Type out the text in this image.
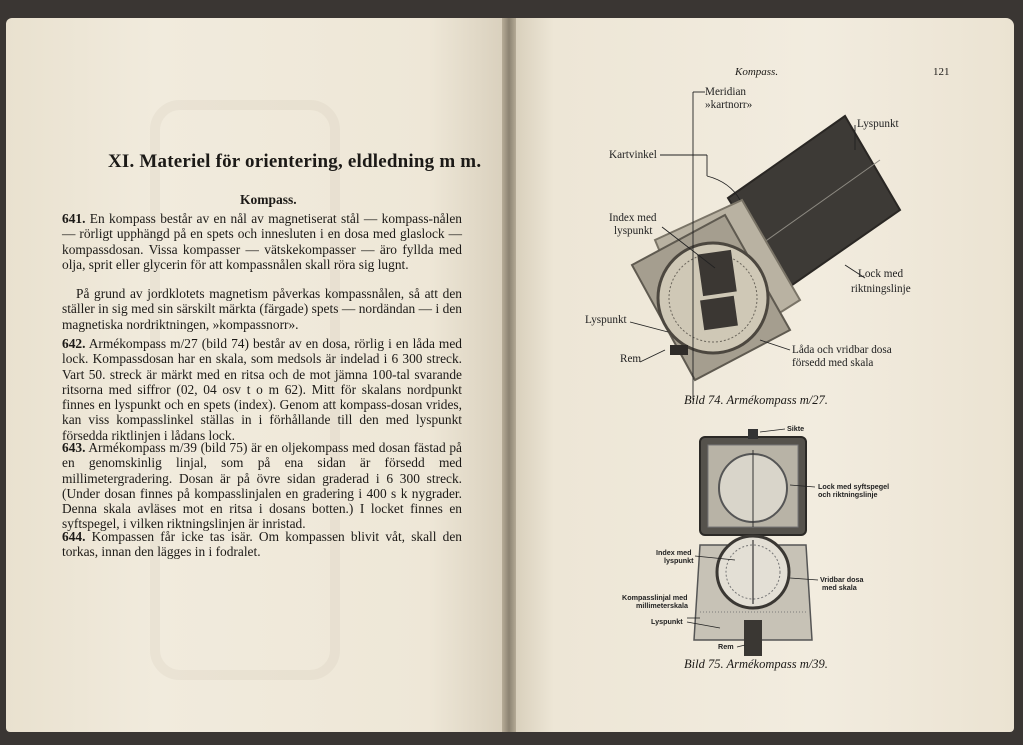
XI. Materiel för orientering, eldledning m m.
Kompass.
641. En kompass består av en nål av magnetiserat stål — kompass-nålen — rörligt upphängd på en spets och innesluten i en dosa med glaslock — kompassdosan. Vissa kompasser — vätskekompasser — äro fyllda med olja, sprit eller glycerin för att kompassnålen skall röra sig lugnt.
På grund av jordklotets magnetism påverkas kompassnålen, så att den ställer in sig med sin särskilt märkta (färgade) spets — nordändan — i den magnetiska nordriktningen, »kompassnorr».
642. Armékompass m/27 (bild 74) består av en dosa, rörlig i en låda med lock. Kompassdosan har en skala, som medsols är indelad i 6 300 streck. Vart 50. streck är märkt med en ritsa och de mot jämna 100-tal svarande ritsorna med siffror (02, 04 osv t o m 62). Mitt för skalans nordpunkt finnes en lyspunkt och en spets (index). Genom att kompass-dosan vrides, kan viss kompasslinkel ställas in i förhållande till den med lyspunkt försedda riktlinjen i lådans lock.
643. Armékompass m/39 (bild 75) är en oljekompass med dosan fästad på en genomskinlig linjal, som på ena sidan är försedd med millimetergradering. Dosan är på övre sidan graderad i 6 300 streck. (Under dosan finnes på kompasslinjalen en gradering i 400 s k nygrader. Denna skala avläses mot en ritsa i dosans botten.) I locket finnes en syftspegel, i vilken riktningslinjen är inristad.
644. Kompassen får icke tas isär. Om kompassen blivit våt, skall den torkas, innan den lägges in i fodralet.
Kompass.	121
Meridian
»kartnorr»
Lyspunkt
Kartvinkel
Index med
lyspunkt
Lock med
riktningslinje
Lyspunkt
Rem
Låda och vridbar dosa
försedd med skala
Bild 74. Armékompass m/27.
Sikte
Lock med syftspegel
och riktningslinje
Index med
lyspunkt
Vridbar dosa
med skala
Kompasslinjal med
millimeterskala
Lyspunkt
Rem
Bild 75. Armékompass m/39.
